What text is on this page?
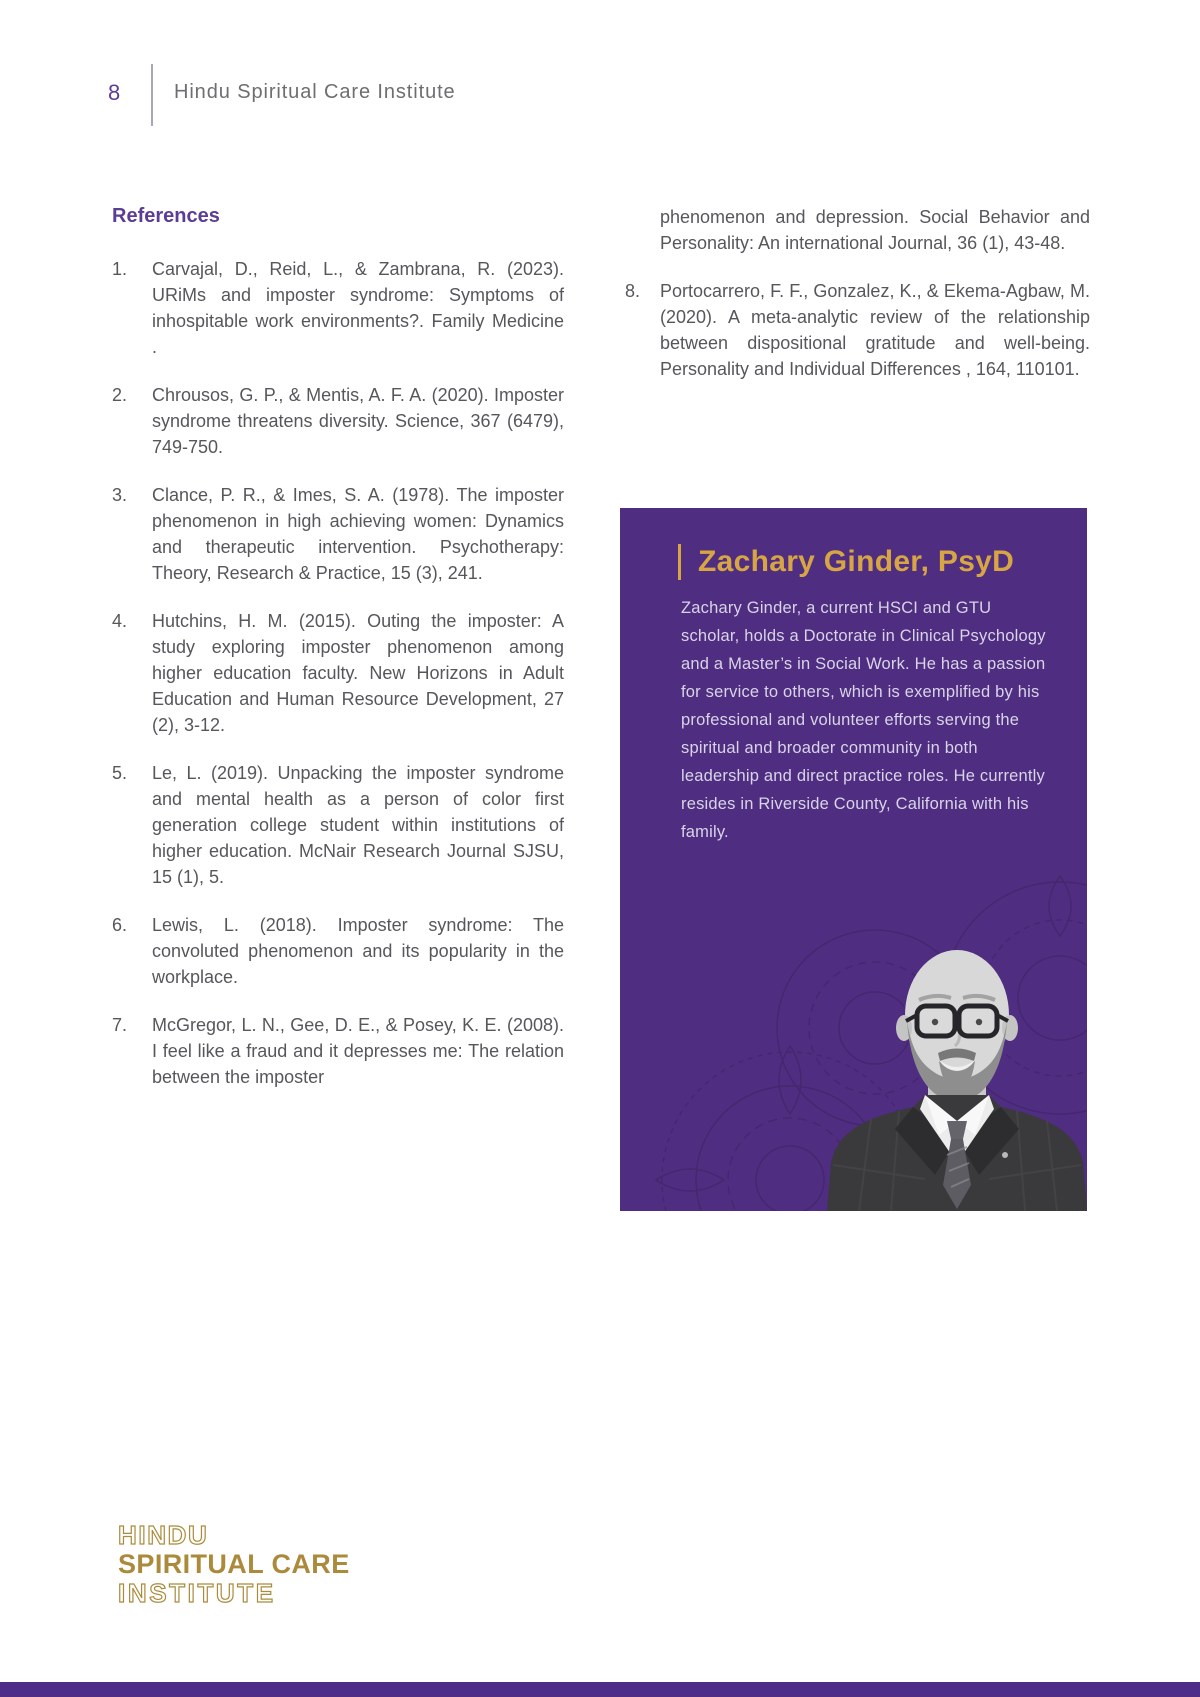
8	Hindu Spiritual Care Institute
References
1.	Carvajal, D., Reid, L., & Zambrana, R. (2023). URiMs and imposter syndrome: Symptoms of inhospitable work environments?. Family Medicine .

2.	Chrousos, G. P., & Mentis, A. F. A. (2020). Imposter syndrome threatens diversity. Science, 367 (6479), 749-750.

3.	Clance, P. R., & Imes, S. A. (1978). The imposter phenomenon in high achieving women: Dynamics and therapeutic intervention. Psychotherapy: Theory, Research & Practice, 15 (3), 241.

4.	Hutchins, H. M. (2015). Outing the imposter: A study exploring imposter phenomenon among higher education faculty. New Horizons in Adult Education and Human Resource Development, 27 (2), 3-12.

5.	Le, L. (2019). Unpacking the imposter syndrome and mental health as a person of color first generation college student within institutions of higher education. McNair Research Journal SJSU, 15 (1), 5.

6.	Lewis, L. (2018). Imposter syndrome: The convoluted phenomenon and its popularity in the workplace.

7.	McGregor, L. N., Gee, D. E., & Posey, K. E. (2008). I feel like a fraud and it depresses me: The relation between the imposter

phenomenon and depression. Social Behavior and Personality: An international Journal, 36 (1), 43-48.

8.	Portocarrero, F. F., Gonzalez, K., & Ekema-Agbaw, M. (2020). A meta-analytic review of the relationship between dispositional gratitude and well-being. Personality and Individual Differences , 164, 110101.

Zachary Ginder, PsyD

Zachary Ginder, a current HSCI and GTU scholar, holds a Doctorate in Clinical Psychology and a Master’s in Social Work. He has a passion for service to others, which is exemplified by his professional and volunteer efforts serving the spiritual and broader community in both leadership and direct practice roles. He currently resides in Riverside County, California with his family.

HINDU
SPIRITUAL CARE
INSTITUTE
